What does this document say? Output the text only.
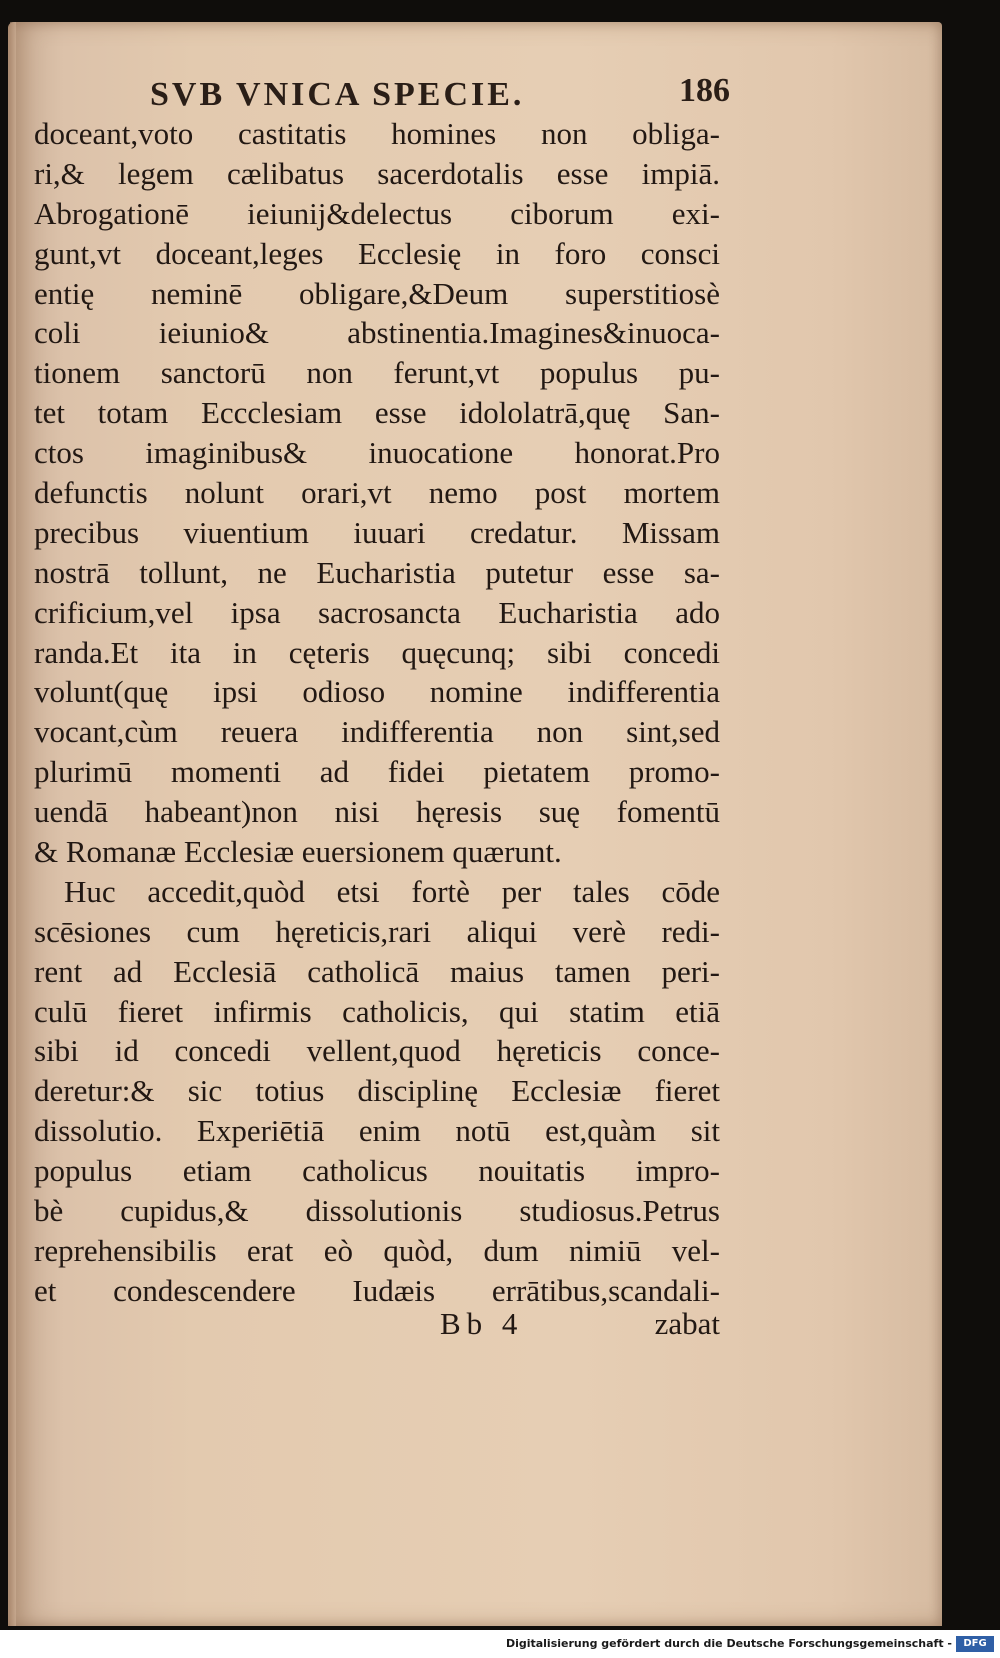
SVB VNICA SPECIE.	186
doceant,voto castitatis homines non obliga-
ri,& legem cælibatus sacerdotalis esse impiā.
Abrogationē ieiunij&delectus ciborum exi-
gunt,vt doceant,leges Ecclesię in foro consci
entię neminē obligare,&Deum superstitiosè
coli ieiunio& abstinentia.Imagines&inuoca-
tionem sanctorū non ferunt,vt populus pu-
tet totam Eccclesiam esse idololatrā,quę San-
ctos imaginibus& inuocatione honorat.Pro
defunctis nolunt orari,vt nemo post mortem
precibus viuentium iuuari credatur. Missam
nostrā tollunt, ne Eucharistia putetur esse sa-
crificium,vel ipsa sacrosancta Eucharistia ado
randa.Et ita in cęteris quęcunq; sibi concedi
volunt(quę ipsi odioso nomine indifferentia
vocant,cùm reuera indifferentia non sint,sed
plurimū momenti ad fidei pietatem promo-
uendā habeant)non nisi hęresis suę fomentū
& Romanæ Ecclesiæ euersionem quærunt.
Huc accedit,quòd etsi fortè per tales cōde
scēsiones cum hęreticis,rari aliqui verè redi-
rent ad Ecclesiā catholicā maius tamen peri-
culū fieret infirmis catholicis, qui statim etiā
sibi id concedi vellent,quod hęreticis conce-
deretur:& sic totius disciplinę Ecclesiæ fieret
dissolutio. Experiētiā enim notū est,quàm sit
populus etiam catholicus nouitatis impro-
bè cupidus,& dissolutionis studiosus.Petrus
reprehensibilis erat eò quòd, dum nimiū vel-
et condescendere Iudæis errātibus,scandali-
Bb 4	zabat
Digitalisierung gefördert durch die Deutsche Forschungsgemeinschaft -	DFG
